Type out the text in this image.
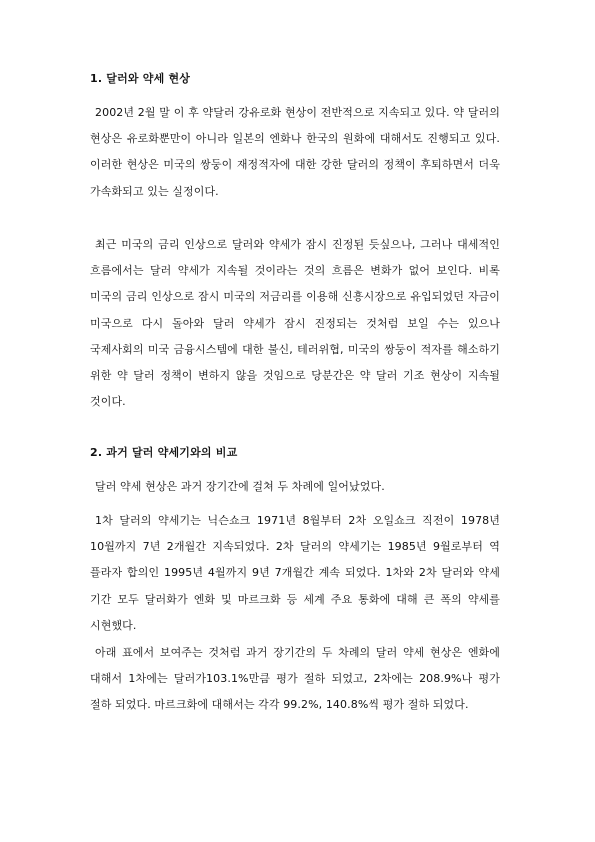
1. 달러와 약세 현상

2002년 2월 말 이 후 약달러 강유로화 현상이 전반적으로 지속되고 있다. 약 달러의 현상은 유로화뿐만이 아니라 일본의 엔화나 한국의 원화에 대해서도 진행되고 있다. 이러한 현상은 미국의 쌍둥이 재정적자에 대한 강한 달러의 정책이 후퇴하면서 더욱 가속화되고 있는 실정이다.

최근 미국의 금리 인상으로 달러와 약세가 잠시 진정된 듯싶으나, 그러나 대세적인 흐름에서는 달러 약세가 지속될 것이라는 것의 흐름은 변화가 없어 보인다. 비록 미국의 금리 인상으로 잠시 미국의 저금리를 이용해 신흥시장으로 유입되었던 자금이 미국으로 다시 돌아와 달러 약세가 잠시 진정되는 것처럼 보일 수는 있으나 국제사회의 미국 금융시스템에 대한 불신, 테러위협, 미국의 쌍둥이 적자를 해소하기 위한 약 달러 정책이 변하지 않을 것임으로 당분간은 약 달러 기조 현상이 지속될 것이다.

2. 과거 달러 약세기와의 비교

달러 약세 현상은 과거 장기간에 걸쳐 두 차례에 일어났었다.

1차 달러의 약세기는 닉슨쇼크 1971년 8월부터 2차 오일쇼크 직전이 1978년 10월까지 7년 2개월간 지속되었다. 2차 달러의 약세기는 1985년 9월로부터 역 플라자 합의인 1995년 4월까지 9년 7개월간 계속 되었다. 1차와 2차 달러와 약세 기간 모두 달러화가 엔화 및 마르크화 등 세계 주요 통화에 대해 큰 폭의 약세를 시현했다.

아래 표에서 보여주는 것처럼 과거 장기간의 두 차례의 달러 약세 현상은 엔화에 대해서 1차에는 달러가103.1%만큼 평가 절하 되었고, 2차에는 208.9%나 평가 절하 되었다. 마르크화에 대해서는 각각 99.2%, 140.8%씩 평가 절하 되었다.
